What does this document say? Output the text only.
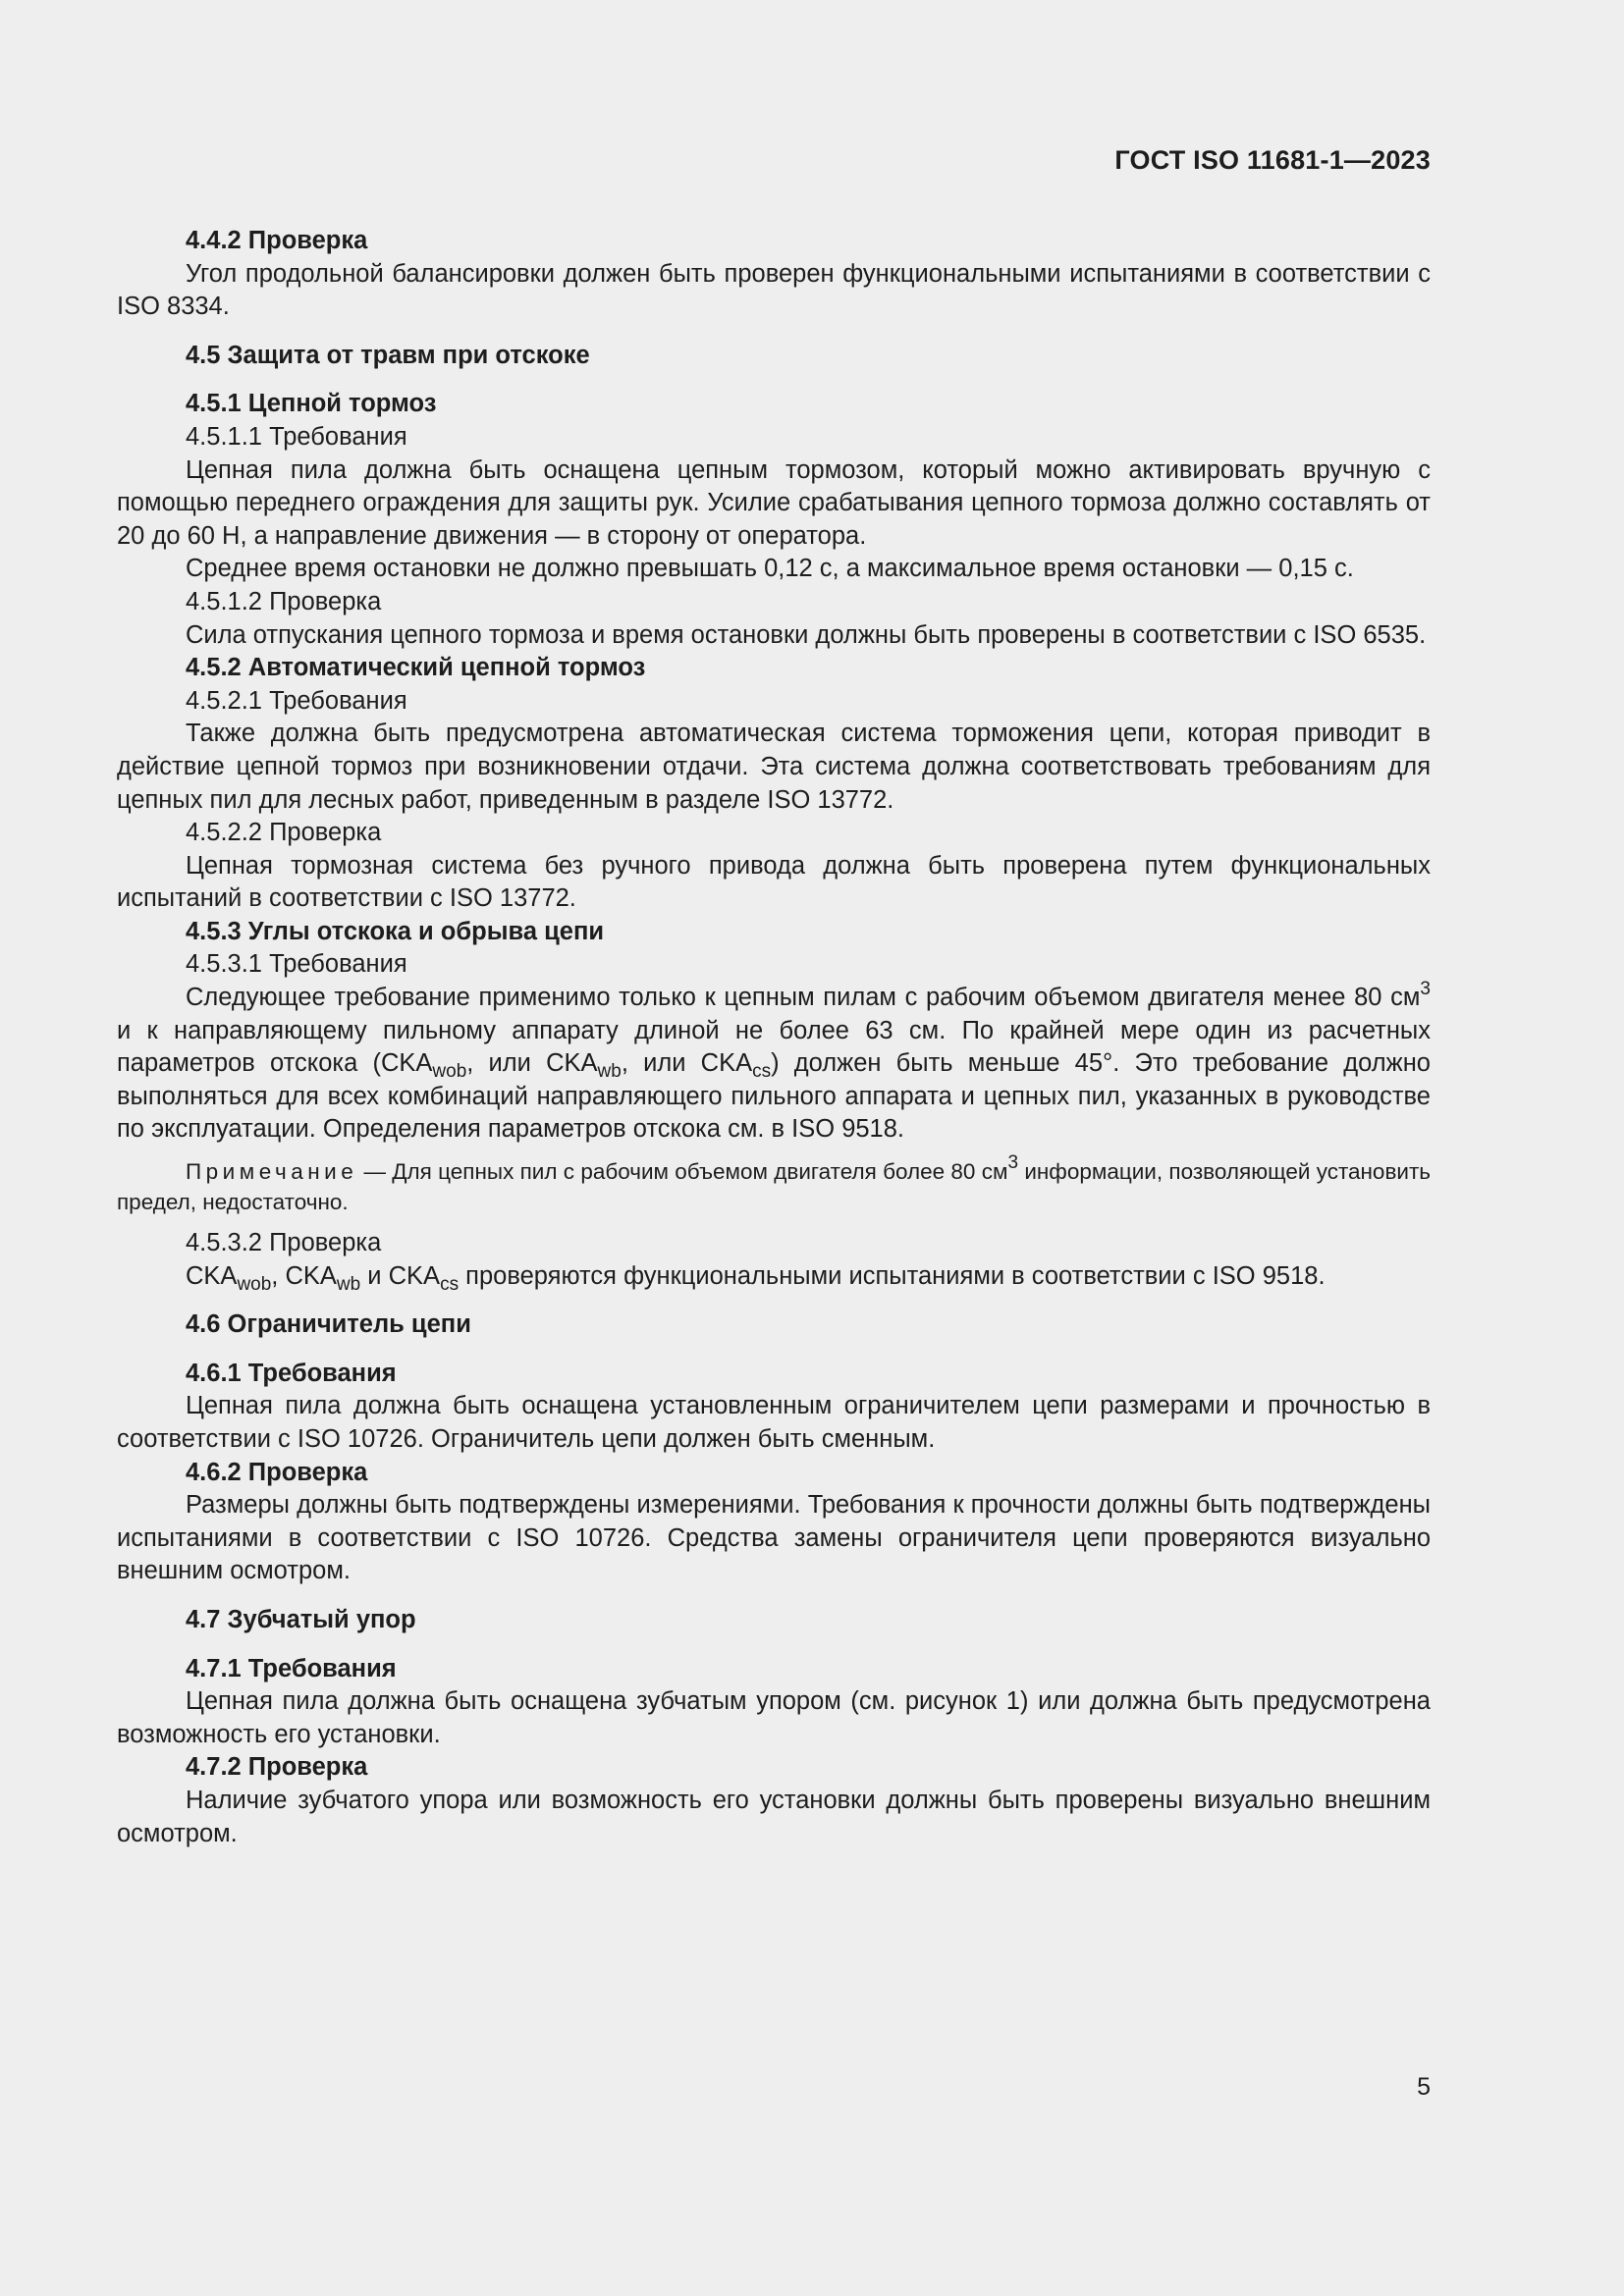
ГОСТ ISO 11681-1—2023

4.4.2 Проверка

Угол продольной балансировки должен быть проверен функциональными испытаниями в соответствии с ISO 8334.

4.5 Защита от травм при отскоке

4.5.1 Цепной тормоз

4.5.1.1 Требования

Цепная пила должна быть оснащена цепным тормозом, который можно активировать вручную с помощью переднего ограждения для защиты рук. Усилие срабатывания цепного тормоза должно составлять от 20 до 60 Н, а направление движения — в сторону от оператора.

Среднее время остановки не должно превышать 0,12 с, а максимальное время остановки — 0,15 с.

4.5.1.2 Проверка

Сила отпускания цепного тормоза и время остановки должны быть проверены в соответствии с ISO 6535.

4.5.2 Автоматический цепной тормоз

4.5.2.1 Требования

Также должна быть предусмотрена автоматическая система торможения цепи, которая приводит в действие цепной тормоз при возникновении отдачи. Эта система должна соответствовать требованиям для цепных пил для лесных работ, приведенным в разделе ISO 13772.

4.5.2.2 Проверка

Цепная тормозная система без ручного привода должна быть проверена путем функциональных испытаний в соответствии с ISO 13772.

4.5.3 Углы отскока и обрыва цепи

4.5.3.1 Требования

Следующее требование применимо только к цепным пилам с рабочим объемом двигателя менее 80 $см^3$ и к направляющему пильному аппарату длиной не более 63 см. По крайней мере один из расчетных параметров отскока ($CKA_{wob}$, или $CKA_{wb}$, или $CKA_{cs}$) должен быть меньше 45°. Это требование должно выполняться для всех комбинаций направляющего пильного аппарата и цепных пил, указанных в руководстве по эксплуатации. Определения параметров отскока см. в ISO 9518.

Примечание — Для цепных пил с рабочим объемом двигателя более 80 $см^3$ информации, позволяющей установить предел, недостаточно.

4.5.3.2 Проверка

$CKA_{wob}$, $CKA_{wb}$ и $CKA_{cs}$ проверяются функциональными испытаниями в соответствии с ISO 9518.

4.6 Ограничитель цепи

4.6.1 Требования

Цепная пила должна быть оснащена установленным ограничителем цепи размерами и прочностью в соответствии с ISO 10726. Ограничитель цепи должен быть сменным.

4.6.2 Проверка

Размеры должны быть подтверждены измерениями. Требования к прочности должны быть подтверждены испытаниями в соответствии с ISO 10726. Средства замены ограничителя цепи проверяются визуально внешним осмотром.

4.7 Зубчатый упор

4.7.1 Требования

Цепная пила должна быть оснащена зубчатым упором (см. рисунок 1) или должна быть предусмотрена возможность его установки.

4.7.2 Проверка

Наличие зубчатого упора или возможность его установки должны быть проверены визуально внешним осмотром.

5
